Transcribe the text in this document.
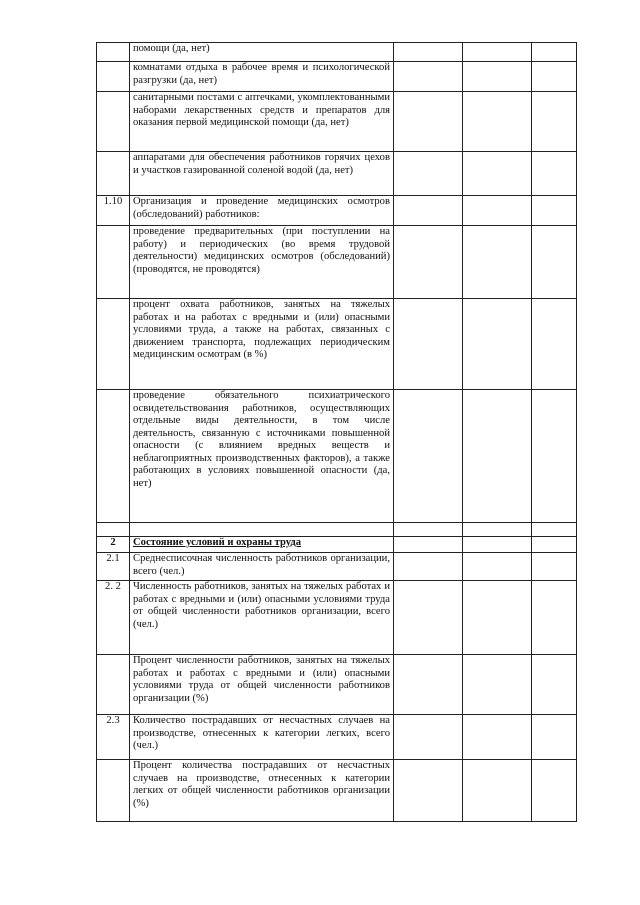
	помощи (да, нет)			
	комнатами отдыха в рабочее время и психологической разгрузки (да, нет)			
	санитарными постами с аптечками, укомплектованными наборами лекарственных средств и препаратов для оказания первой медицинской помощи (да, нет)			
	аппаратами для обеспечения работников горячих цехов и участков газированной соленой водой (да, нет)			
1.10	Организация и проведение медицинских осмотров (обследований) работников:			
	проведение предварительных (при поступлении на работу) и периодических (во время трудовой деятельности) медицинских осмотров (обследований) (проводятся, не проводятся)			
	процент охвата работников, занятых на тяжелых работах и на работах с вредными и (или) опасными условиями труда, а также на работах, связанных с движением транспорта, подлежащих периодическим медицинским осмотрам (в %)			
	проведение обязательного психиатрического освидетельствования работников, осуществляющих отдельные виды деятельности, в том числе деятельность, связанную с источниками повышенной опасности (с влиянием вредных веществ и неблагоприятных производственных факторов), а также работающих в условиях повышенной опасности (да, нет)			

2	Состояние условий и охраны труда			
2.1	Среднесписочная численность работников организации, всего (чел.)			
2. 2	Численность работников, занятых на тяжелых работах и работах с вредными и (или) опасными условиями труда от общей численности работников организации, всего (чел.)			
	Процент численности работников, занятых на тяжелых работах и работах с вредными и (или) опасными условиями труда от общей численности работников организации (%)			
2.3	Количество пострадавших от несчастных случаев на производстве, отнесенных к категории легких, всего (чел.)			
	Процент количества пострадавших от несчастных случаев на производстве, отнесенных к категории легких от общей численности работников организации (%)			
